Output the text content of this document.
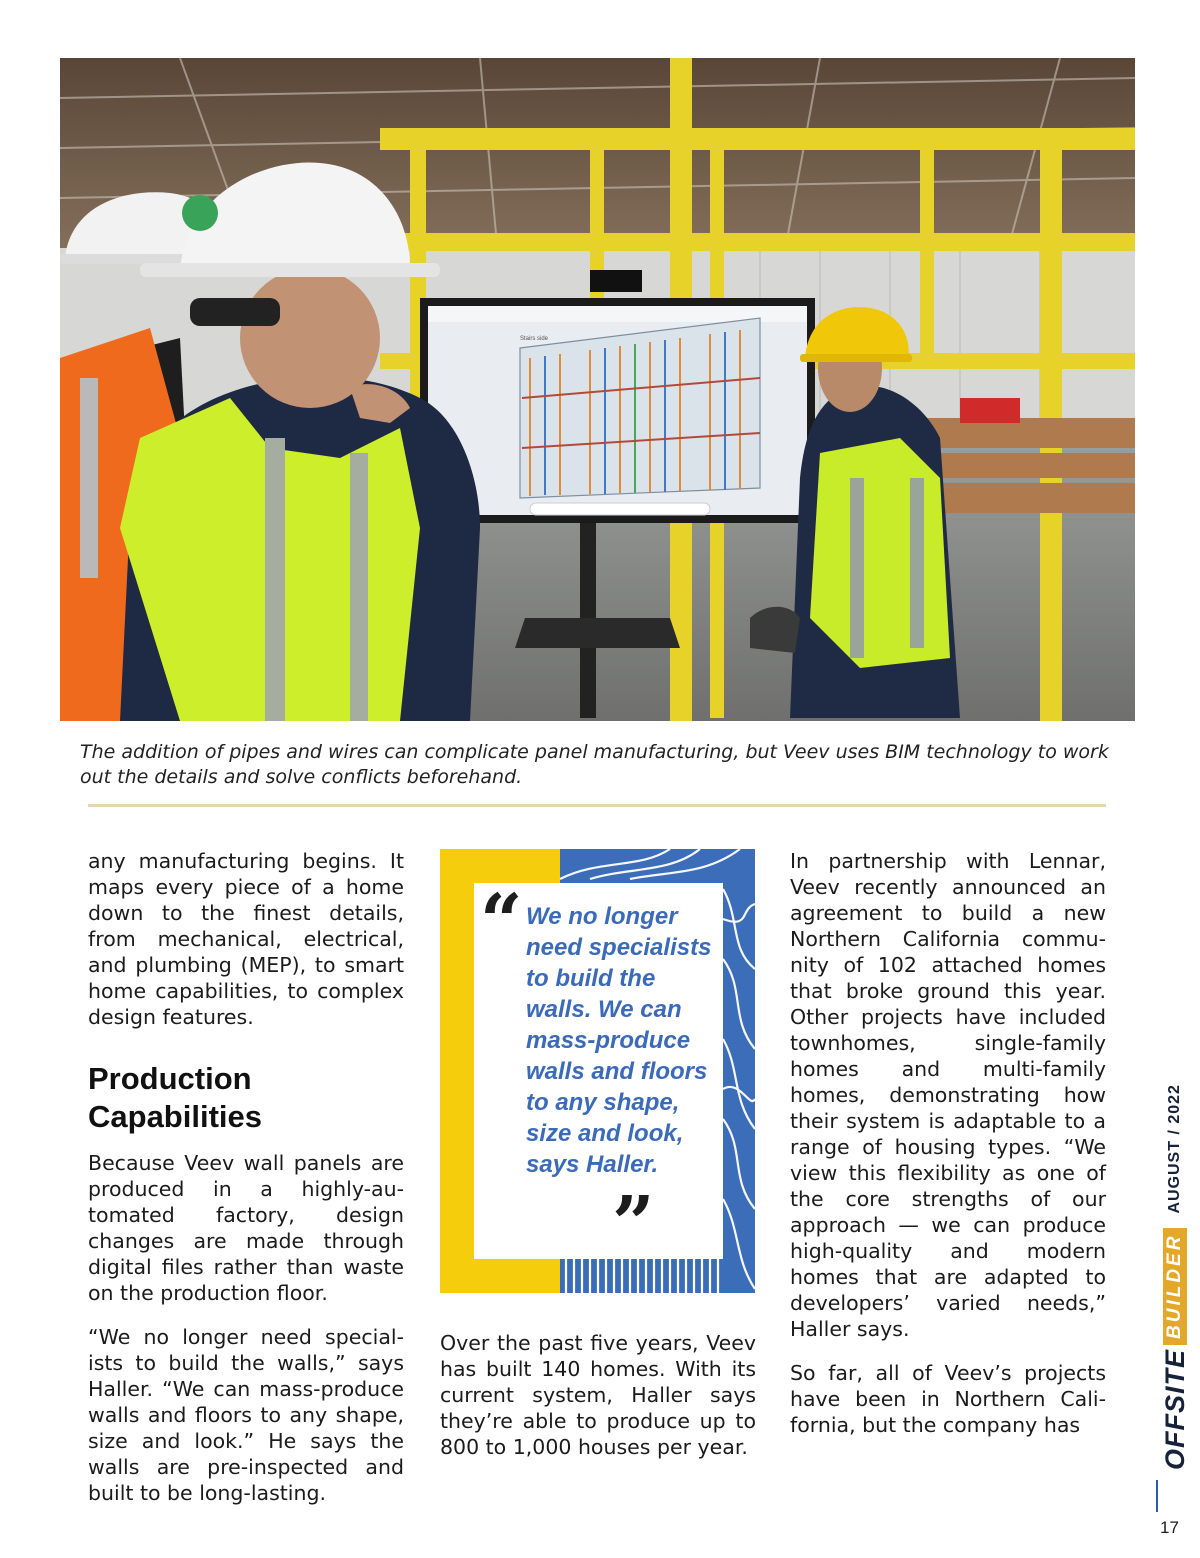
Stairs side
The addition of pipes and wires can complicate panel manufacturing, but Veev uses BIM technology to work out the details and solve conflicts beforehand.

any manufacturing begins. It maps every piece of a home down to the finest details, from mechanical, electrical, and plumbing (MEP), to smart home capabilities, to complex design features.

Production Capabilities

Because Veev wall panels are produced in a highly-automated factory, design changes are made through digital files rather than waste on the production floor.

“We no longer need specialists to build the walls,” says Haller. “We can mass-produce walls and floors to any shape, size and look.” He says the walls are pre-inspected and built to be long-lasting.

“ We no longer need specialists to build the walls. We can mass-produce walls and floors to any shape, size and look, says Haller.
”

Over the past five years, Veev has built 140 homes. With its current system, Haller says they’re able to produce up to 800 to 1,000 houses per year.

In partnership with Lennar, Veev recently announced an agreement to build a new Northern California community of 102 attached homes that broke ground this year. Other projects have included townhomes, single-family homes and multi-family homes, demonstrating how their system is adaptable to a range of housing types. “We view this flexibility as one of the core strengths of our approach — we can produce high-quality and modern homes that are adapted to developers’ varied needs,” Haller says.

So far, all of Veev’s projects have been in Northern California, but the company has	OFFSITE
BUILDER
AUGUST / 2022
17
